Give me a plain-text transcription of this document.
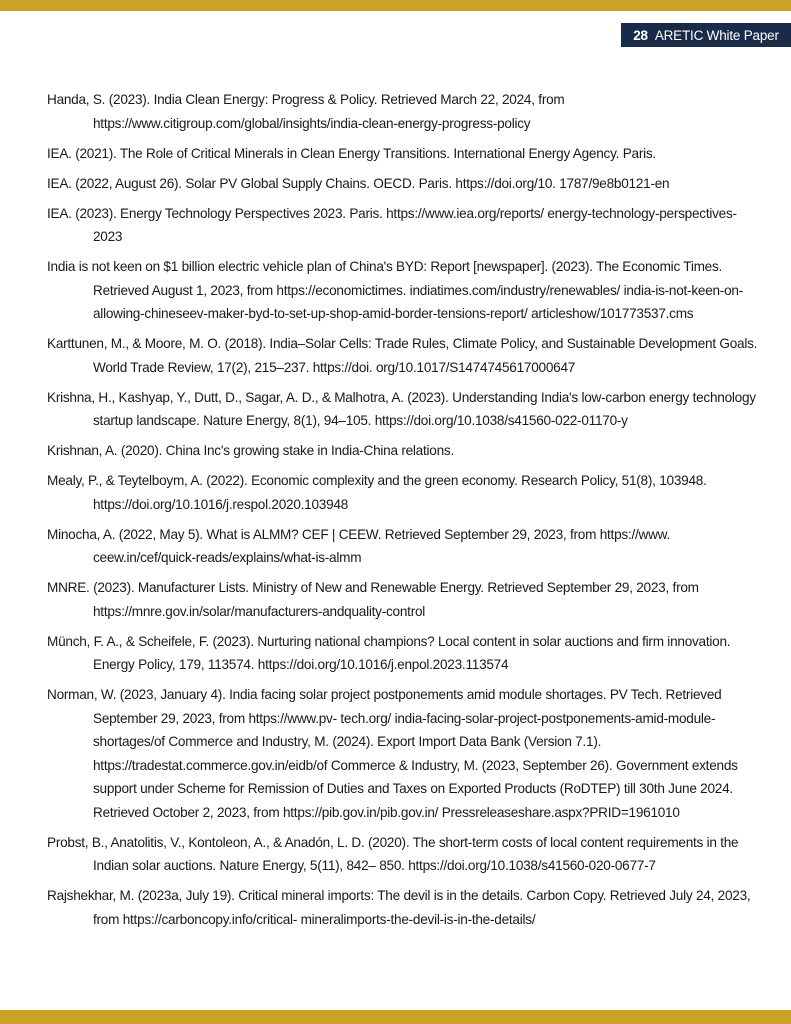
28 ARETIC White Paper

Handa, S. (2023). India Clean Energy: Progress & Policy. Retrieved March 22, 2024, from https://www.citigroup.com/global/insights/india-clean-energy-progress-policy

IEA. (2021). The Role of Critical Minerals in Clean Energy Transitions. International Energy Agency. Paris.

IEA. (2022, August 26). Solar PV Global Supply Chains. OECD. Paris. https://doi.org/10. 1787/9e8b0121-en

IEA. (2023). Energy Technology Perspectives 2023. Paris. https://www.iea.org/reports/ energy-technology-perspectives-2023

India is not keen on $1 billion electric vehicle plan of China's BYD: Report [newspaper]. (2023). The Economic Times. Retrieved August 1, 2023, from https://economictimes. indiatimes.com/industry/renewables/ india-is-not-keen-on-allowing-chineseev-maker-byd-to-set-up-shop-amid-border-tensions-report/ articleshow/101773537.cms

Karttunen, M., & Moore, M. O. (2018). India–Solar Cells: Trade Rules, Climate Policy, and Sustainable Development Goals. World Trade Review, 17(2), 215–237. https://doi. org/10.1017/S1474745617000647

Krishna, H., Kashyap, Y., Dutt, D., Sagar, A. D., & Malhotra, A. (2023). Understanding India's low-carbon energy technology startup landscape. Nature Energy, 8(1), 94–105. https://doi.org/10.1038/s41560-022-01170-y

Krishnan, A. (2020). China Inc's growing stake in India-China relations.

Mealy, P., & Teytelboym, A. (2022). Economic complexity and the green economy. Research Policy, 51(8), 103948. https://doi.org/10.1016/j.respol.2020.103948

Minocha, A. (2022, May 5). What is ALMM? CEF | CEEW. Retrieved September 29, 2023, from https://www. ceew.in/cef/quick-reads/explains/what-is-almm

MNRE. (2023). Manufacturer Lists. Ministry of New and Renewable Energy. Retrieved September 29, 2023, from https://mnre.gov.in/solar/manufacturers-andquality-control

Münch, F. A., & Scheifele, F. (2023). Nurturing national champions? Local content in solar auctions and firm innovation. Energy Policy, 179, 113574. https://doi.org/10.1016/j.enpol.2023.113574

Norman, W. (2023, January 4). India facing solar project postponements amid module shortages. PV Tech. Retrieved September 29, 2023, from https://www.pv- tech.org/ india-facing-solar-project-postponements-amid-module-shortages/of Commerce and Industry, M. (2024). Export Import Data Bank (Version 7.1). https://tradestat.commerce.gov.in/eidb/of Commerce & Industry, M. (2023, September 26). Government extends support under Scheme for Remission of Duties and Taxes on Exported Products (RoDTEP) till 30th June 2024. Retrieved October 2, 2023, from https://pib.gov.in/pib.gov.in/ Pressreleaseshare.aspx?PRID=1961010

Probst, B., Anatolitis, V., Kontoleon, A., & Anadón, L. D. (2020). The short-term costs of local content requirements in the Indian solar auctions. Nature Energy, 5(11), 842– 850. https://doi.org/10.1038/s41560-020-0677-7

Rajshekhar, M. (2023a, July 19). Critical mineral imports: The devil is in the details. Carbon Copy. Retrieved July 24, 2023, from https://carboncopy.info/critical- mineralimports-the-devil-is-in-the-details/
